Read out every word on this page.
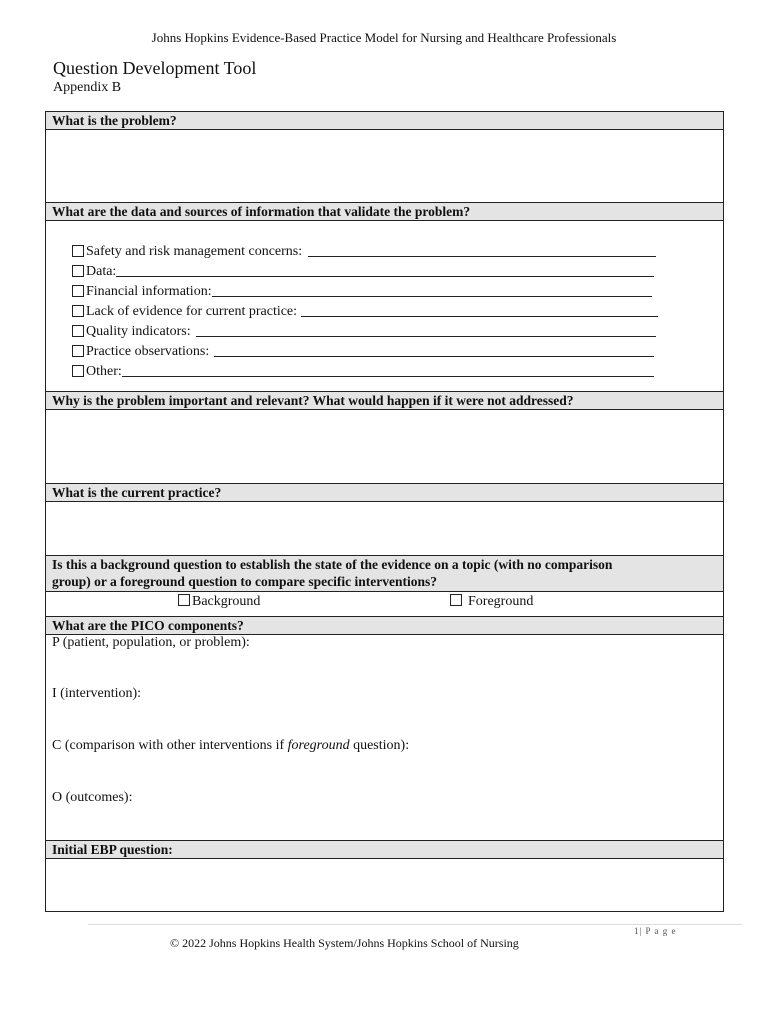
Johns Hopkins Evidence-Based Practice Model for Nursing and Healthcare Professionals
Question Development Tool
Appendix B
What is the problem?
What are the data and sources of information that validate the problem?
Safety and risk management concerns:
Data:
Financial information:
Lack of evidence for current practice:
Quality indicators:
Practice observations:
Other:
Why is the problem important and relevant? What would happen if it were not addressed?
What is the current practice?
Is this a background question to establish the state of the evidence on a topic (with no comparison
group) or a foreground question to compare specific interventions?
Background	Foreground
What are the PICO components?
P (patient, population, or problem):
I (intervention):
C (comparison with other interventions if foreground question):
O (outcomes):
Initial EBP question:
1| P a g e
© 2022 Johns Hopkins Health System/Johns Hopkins School of Nursing
